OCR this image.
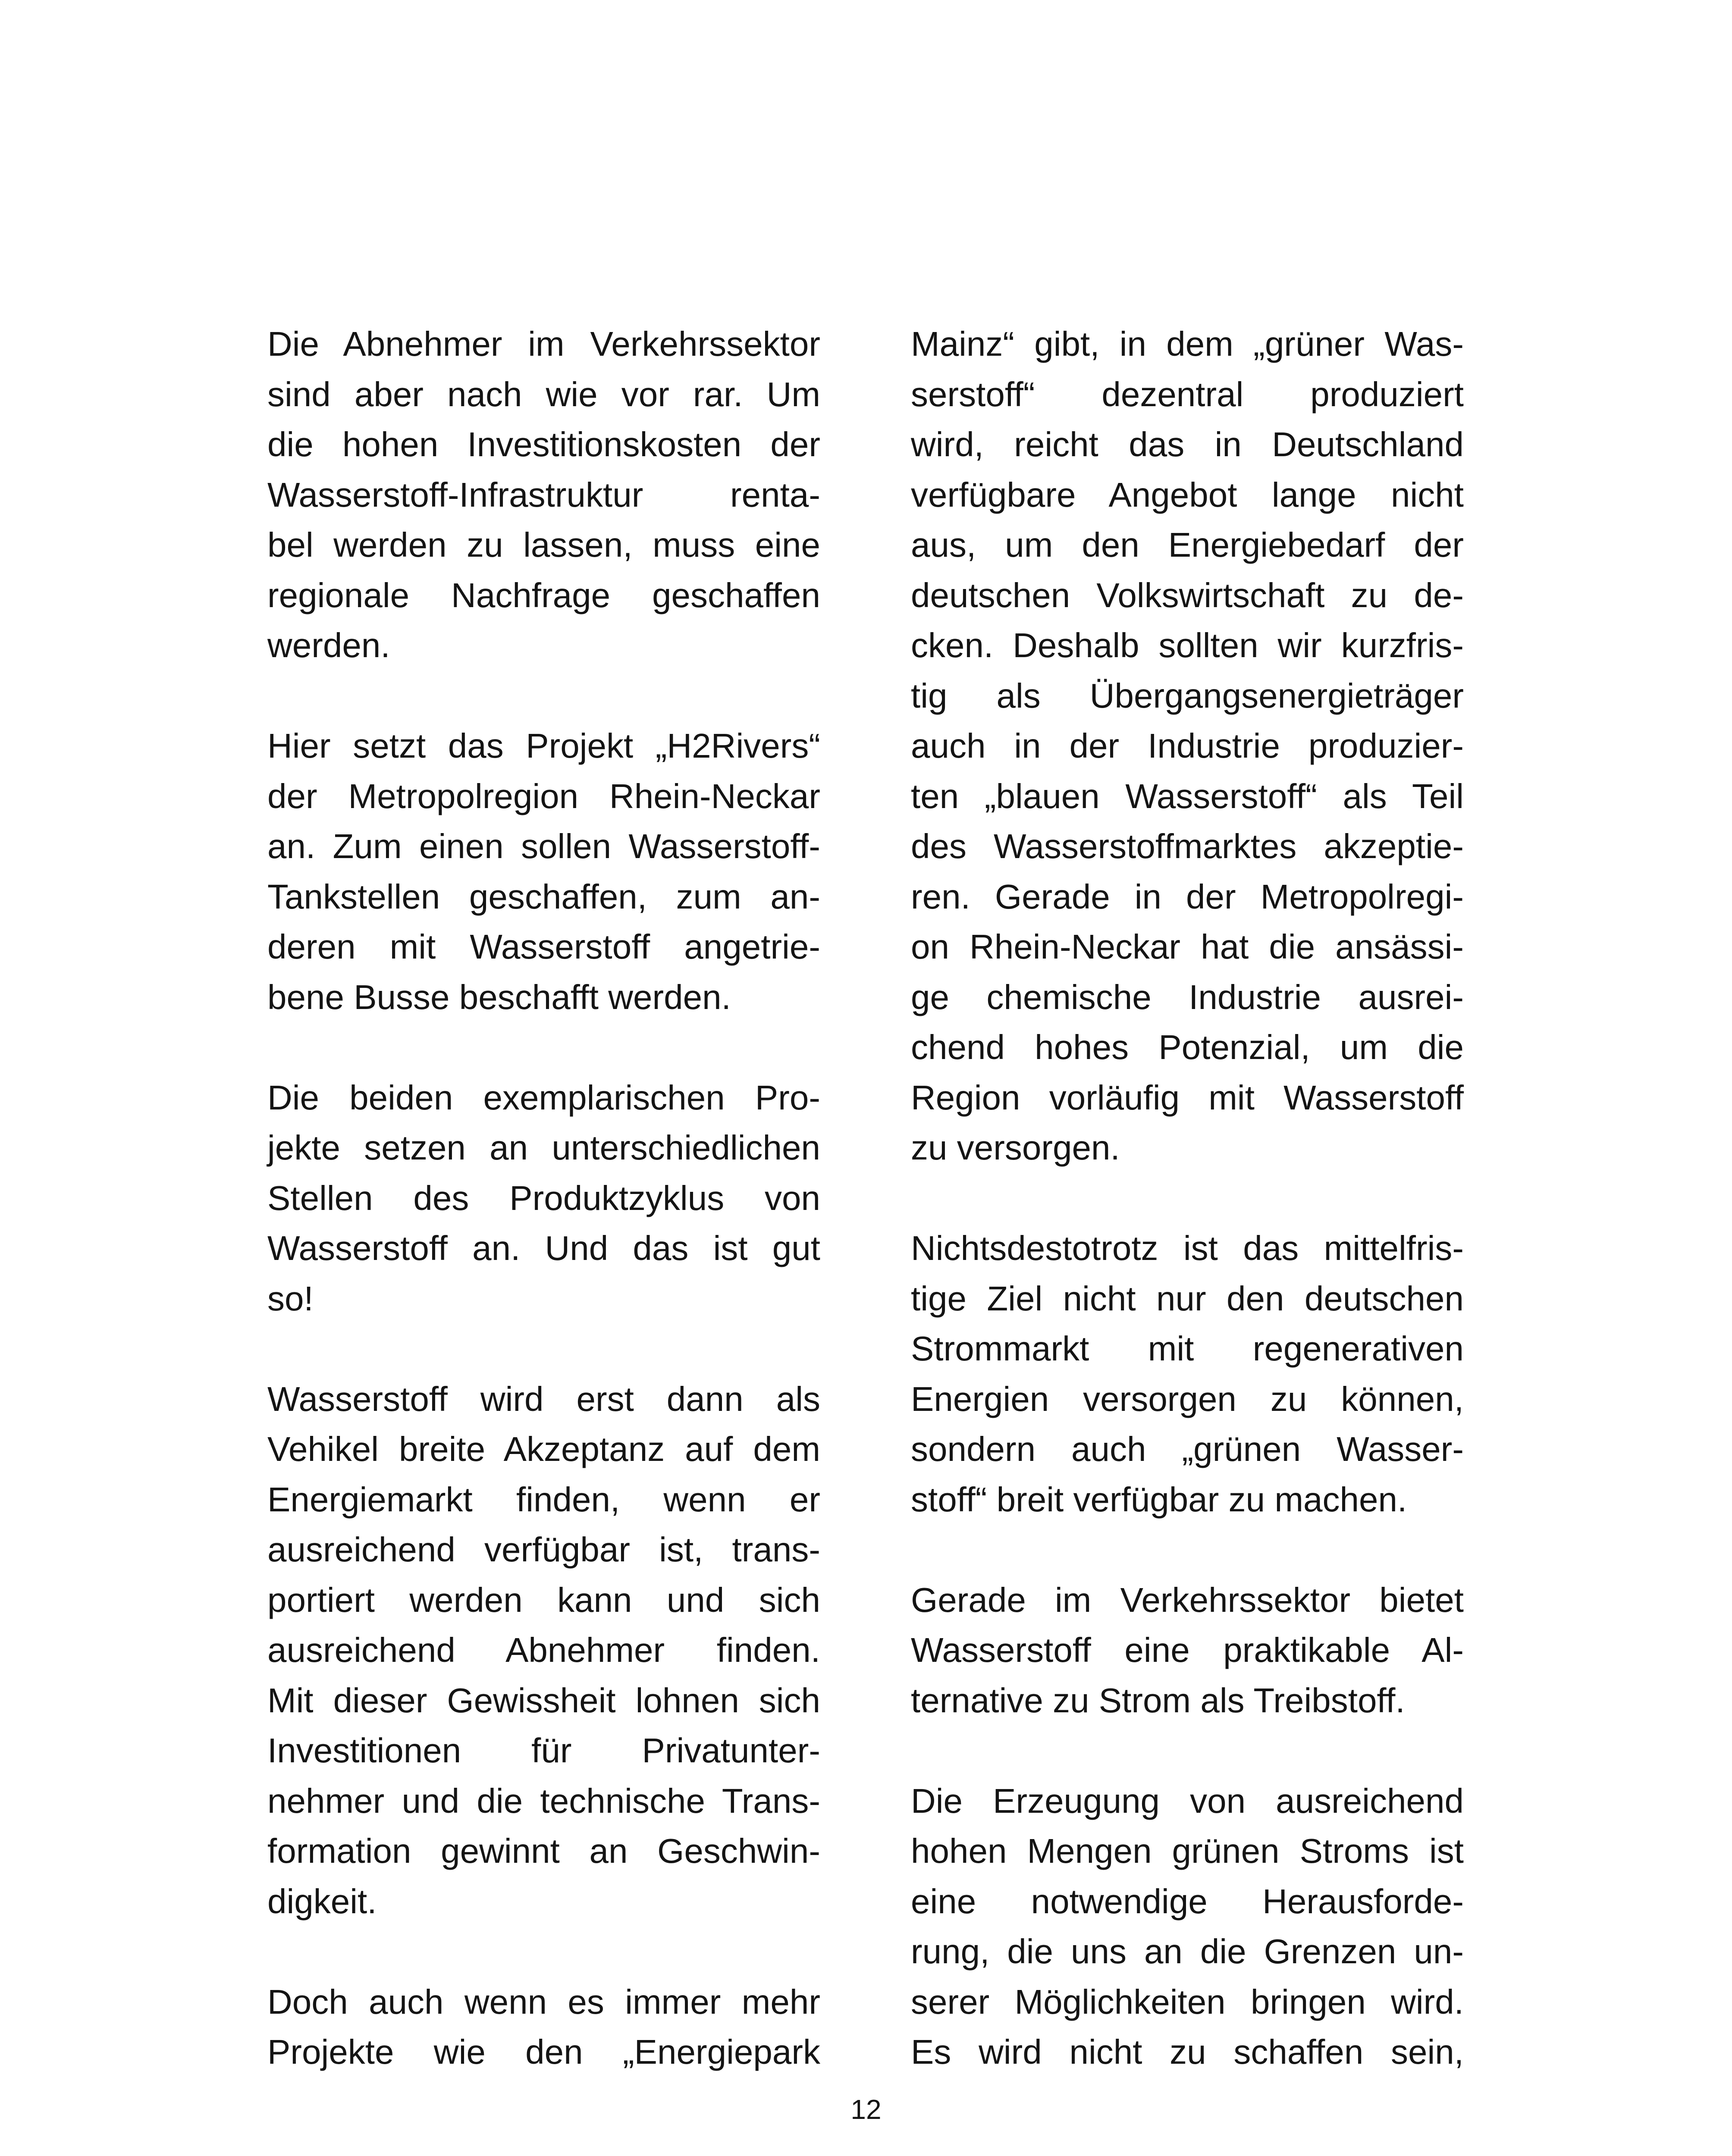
Die Abnehmer im Verkehrssektor
sind aber nach wie vor rar. Um
die hohen Investitionskosten der
Wasserstoff-Infrastruktur renta-
bel werden zu lassen, muss eine
regionale Nachfrage geschaffen
werden.
Hier setzt das Projekt „H2Rivers“
der Metropolregion Rhein-Neckar
an. Zum einen sollen Wasserstoff-
Tankstellen geschaffen, zum an-
deren mit Wasserstoff angetrie-
bene Busse beschafft werden.
Die beiden exemplarischen Pro-
jekte setzen an unterschiedlichen
Stellen des Produktzyklus von
Wasserstoff an. Und das ist gut
so!
Wasserstoff wird erst dann als
Vehikel breite Akzeptanz auf dem
Energiemarkt finden, wenn er
ausreichend verfügbar ist, trans-
portiert werden kann und sich
ausreichend Abnehmer finden.
Mit dieser Gewissheit lohnen sich
Investitionen für Privatunter-
nehmer und die technische Trans-
formation gewinnt an Geschwin-
digkeit.
Doch auch wenn es immer mehr
Projekte wie den „Energiepark
Mainz“ gibt, in dem „grüner Was-
serstoff“ dezentral produziert
wird, reicht das in Deutschland
verfügbare Angebot lange nicht
aus, um den Energiebedarf der
deutschen Volkswirtschaft zu de-
cken. Deshalb sollten wir kurzfris-
tig als Übergangsenergieträger
auch in der Industrie produzier-
ten „blauen Wasserstoff“ als Teil
des Wasserstoffmarktes akzeptie-
ren. Gerade in der Metropolregi-
on Rhein-Neckar hat die ansässi-
ge chemische Industrie ausrei-
chend hohes Potenzial, um die
Region vorläufig mit Wasserstoff
zu versorgen.
Nichtsdestotrotz ist das mittelfris-
tige Ziel nicht nur den deutschen
Strommarkt mit regenerativen
Energien versorgen zu können,
sondern auch „grünen Wasser-
stoff“ breit verfügbar zu machen.
Gerade im Verkehrssektor bietet
Wasserstoff eine praktikable Al-
ternative zu Strom als Treibstoff.
Die Erzeugung von ausreichend
hohen Mengen grünen Stroms ist
eine notwendige Herausforde-
rung, die uns an die Grenzen un-
serer Möglichkeiten bringen wird.
Es wird nicht zu schaffen sein,
12
